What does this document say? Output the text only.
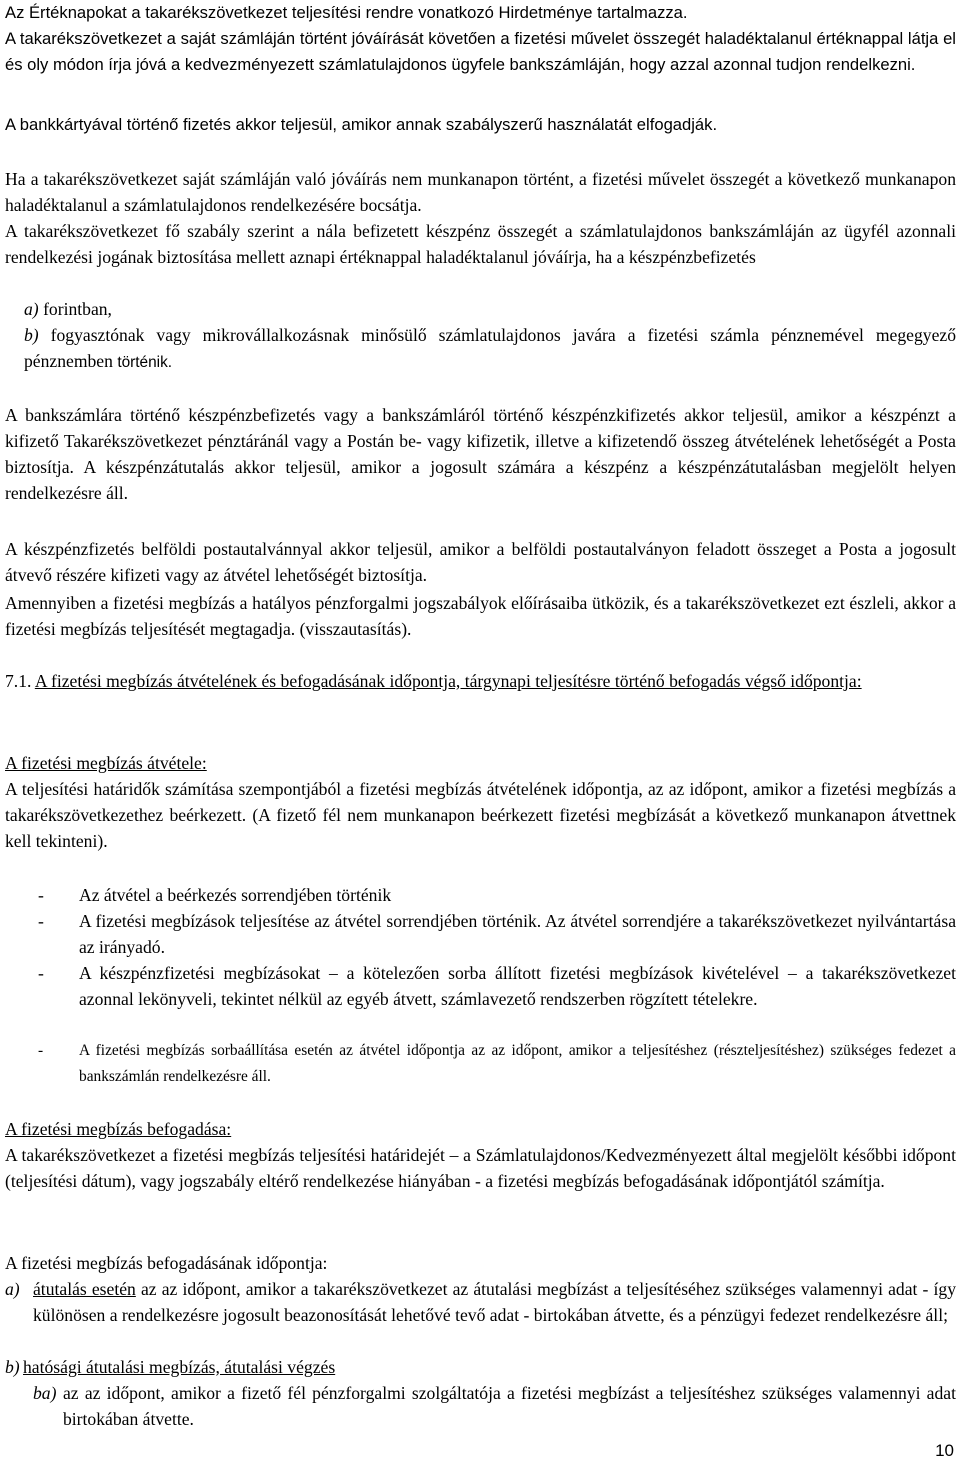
Az Értéknapokat a takarékszövetkezet teljesítési rendre vonatkozó Hirdetménye tartalmazza.

A takarékszövetkezet a saját számláján történt jóváírását követően a fizetési művelet összegét haladéktalanul értéknappal látja el és oly módon írja jóvá a kedvezményezett számlatulajdonos ügyfele bankszámláján, hogy azzal azonnal tudjon rendelkezni.

A bankkártyával történő fizetés akkor teljesül, amikor annak szabályszerű használatát elfogadják.

Ha a takarékszövetkezet saját számláján való jóváírás nem munkanapon történt, a fizetési művelet összegét a következő munkanapon haladéktalanul a számlatulajdonos rendelkezésére bocsátja.

A takarékszövetkezet fő szabály szerint a nála befizetett készpénz összegét a számlatulajdonos bankszámláján az ügyfél azonnali rendelkezési jogának biztosítása mellett aznapi értéknappal haladéktalanul jóváírja, ha a készpénzbefizetés

a) forintban,

b) fogyasztónak vagy mikrovállalkozásnak minősülő számlatulajdonos javára a fizetési számla pénznemével megegyező pénznemben történik.

A bankszámlára történő készpénzbefizetés vagy a bankszámláról történő készpénzkifizetés akkor teljesül, amikor a készpénzt a kifizető Takarékszövetkezet pénztáránál vagy a Postán be- vagy kifizetik, illetve a kifizetendő összeg átvételének lehetőségét a Posta biztosítja. A készpénzátutalás akkor teljesül, amikor a jogosult számára a készpénz a készpénzátutalásban megjelölt helyen rendelkezésre áll.

A készpénzfizetés belföldi postautalvánnyal akkor teljesül, amikor a belföldi postautalványon feladott összeget a Posta a jogosult átvevő részére kifizeti vagy az átvétel lehetőségét biztosítja.

Amennyiben a fizetési megbízás a hatályos pénzforgalmi jogszabályok előírásaiba ütközik, és a takarékszövetkezet ezt észleli, akkor a fizetési megbízás teljesítését megtagadja. (visszautasítás).

7.1. A fizetési megbízás átvételének és befogadásának időpontja, tárgynapi teljesítésre történő befogadás végső időpontja:

A fizetési megbízás átvétele:

A teljesítési határidők számítása szempontjából a fizetési megbízás átvételének időpontja, az az időpont, amikor a fizetési megbízás a takarékszövetkezethez beérkezett. (A fizető fél nem munkanapon beérkezett fizetési megbízását a következő munkanapon átvettnek kell tekinteni).

- Az átvétel a beérkezés sorrendjében történik
- A fizetési megbízások teljesítése az átvétel sorrendjében történik. Az átvétel sorrendjére a takarékszövetkezet nyilvántartása az irányadó.
- A készpénzfizetési megbízásokat – a kötelezően sorba állított fizetési megbízások kivételével – a takarékszövetkezet azonnal lekönyveli, tekintet nélkül az egyéb átvett, számlavezető rendszerben rögzített tételekre.
- A fizetési megbízás sorbaállítása esetén az átvétel időpontja az az időpont, amikor a teljesítéshez (részteljesítéshez) szükséges fedezet a bankszámlán rendelkezésre áll.

A fizetési megbízás befogadása:

A takarékszövetkezet a fizetési megbízás teljesítési határidejét – a Számlatulajdonos/Kedvezményezett által megjelölt későbbi időpont (teljesítési dátum), vagy jogszabály eltérő rendelkezése hiányában - a fizetési megbízás befogadásának időpontjától számítja.

A fizetési megbízás befogadásának időpontja:

a) átutalás esetén az az időpont, amikor a takarékszövetkezet az átutalási megbízást a teljesítéséhez szükséges valamennyi adat - így különösen a rendelkezésre jogosult beazonosítását lehetővé tevő adat - birtokában átvette, és a pénzügyi fedezet rendelkezésre áll;
b) hatósági átutalási megbízás, átutalási végzés
ba) az az időpont, amikor a fizető fél pénzforgalmi szolgáltatója a fizetési megbízást a teljesítéshez szükséges valamennyi adat birtokában átvette.
10
